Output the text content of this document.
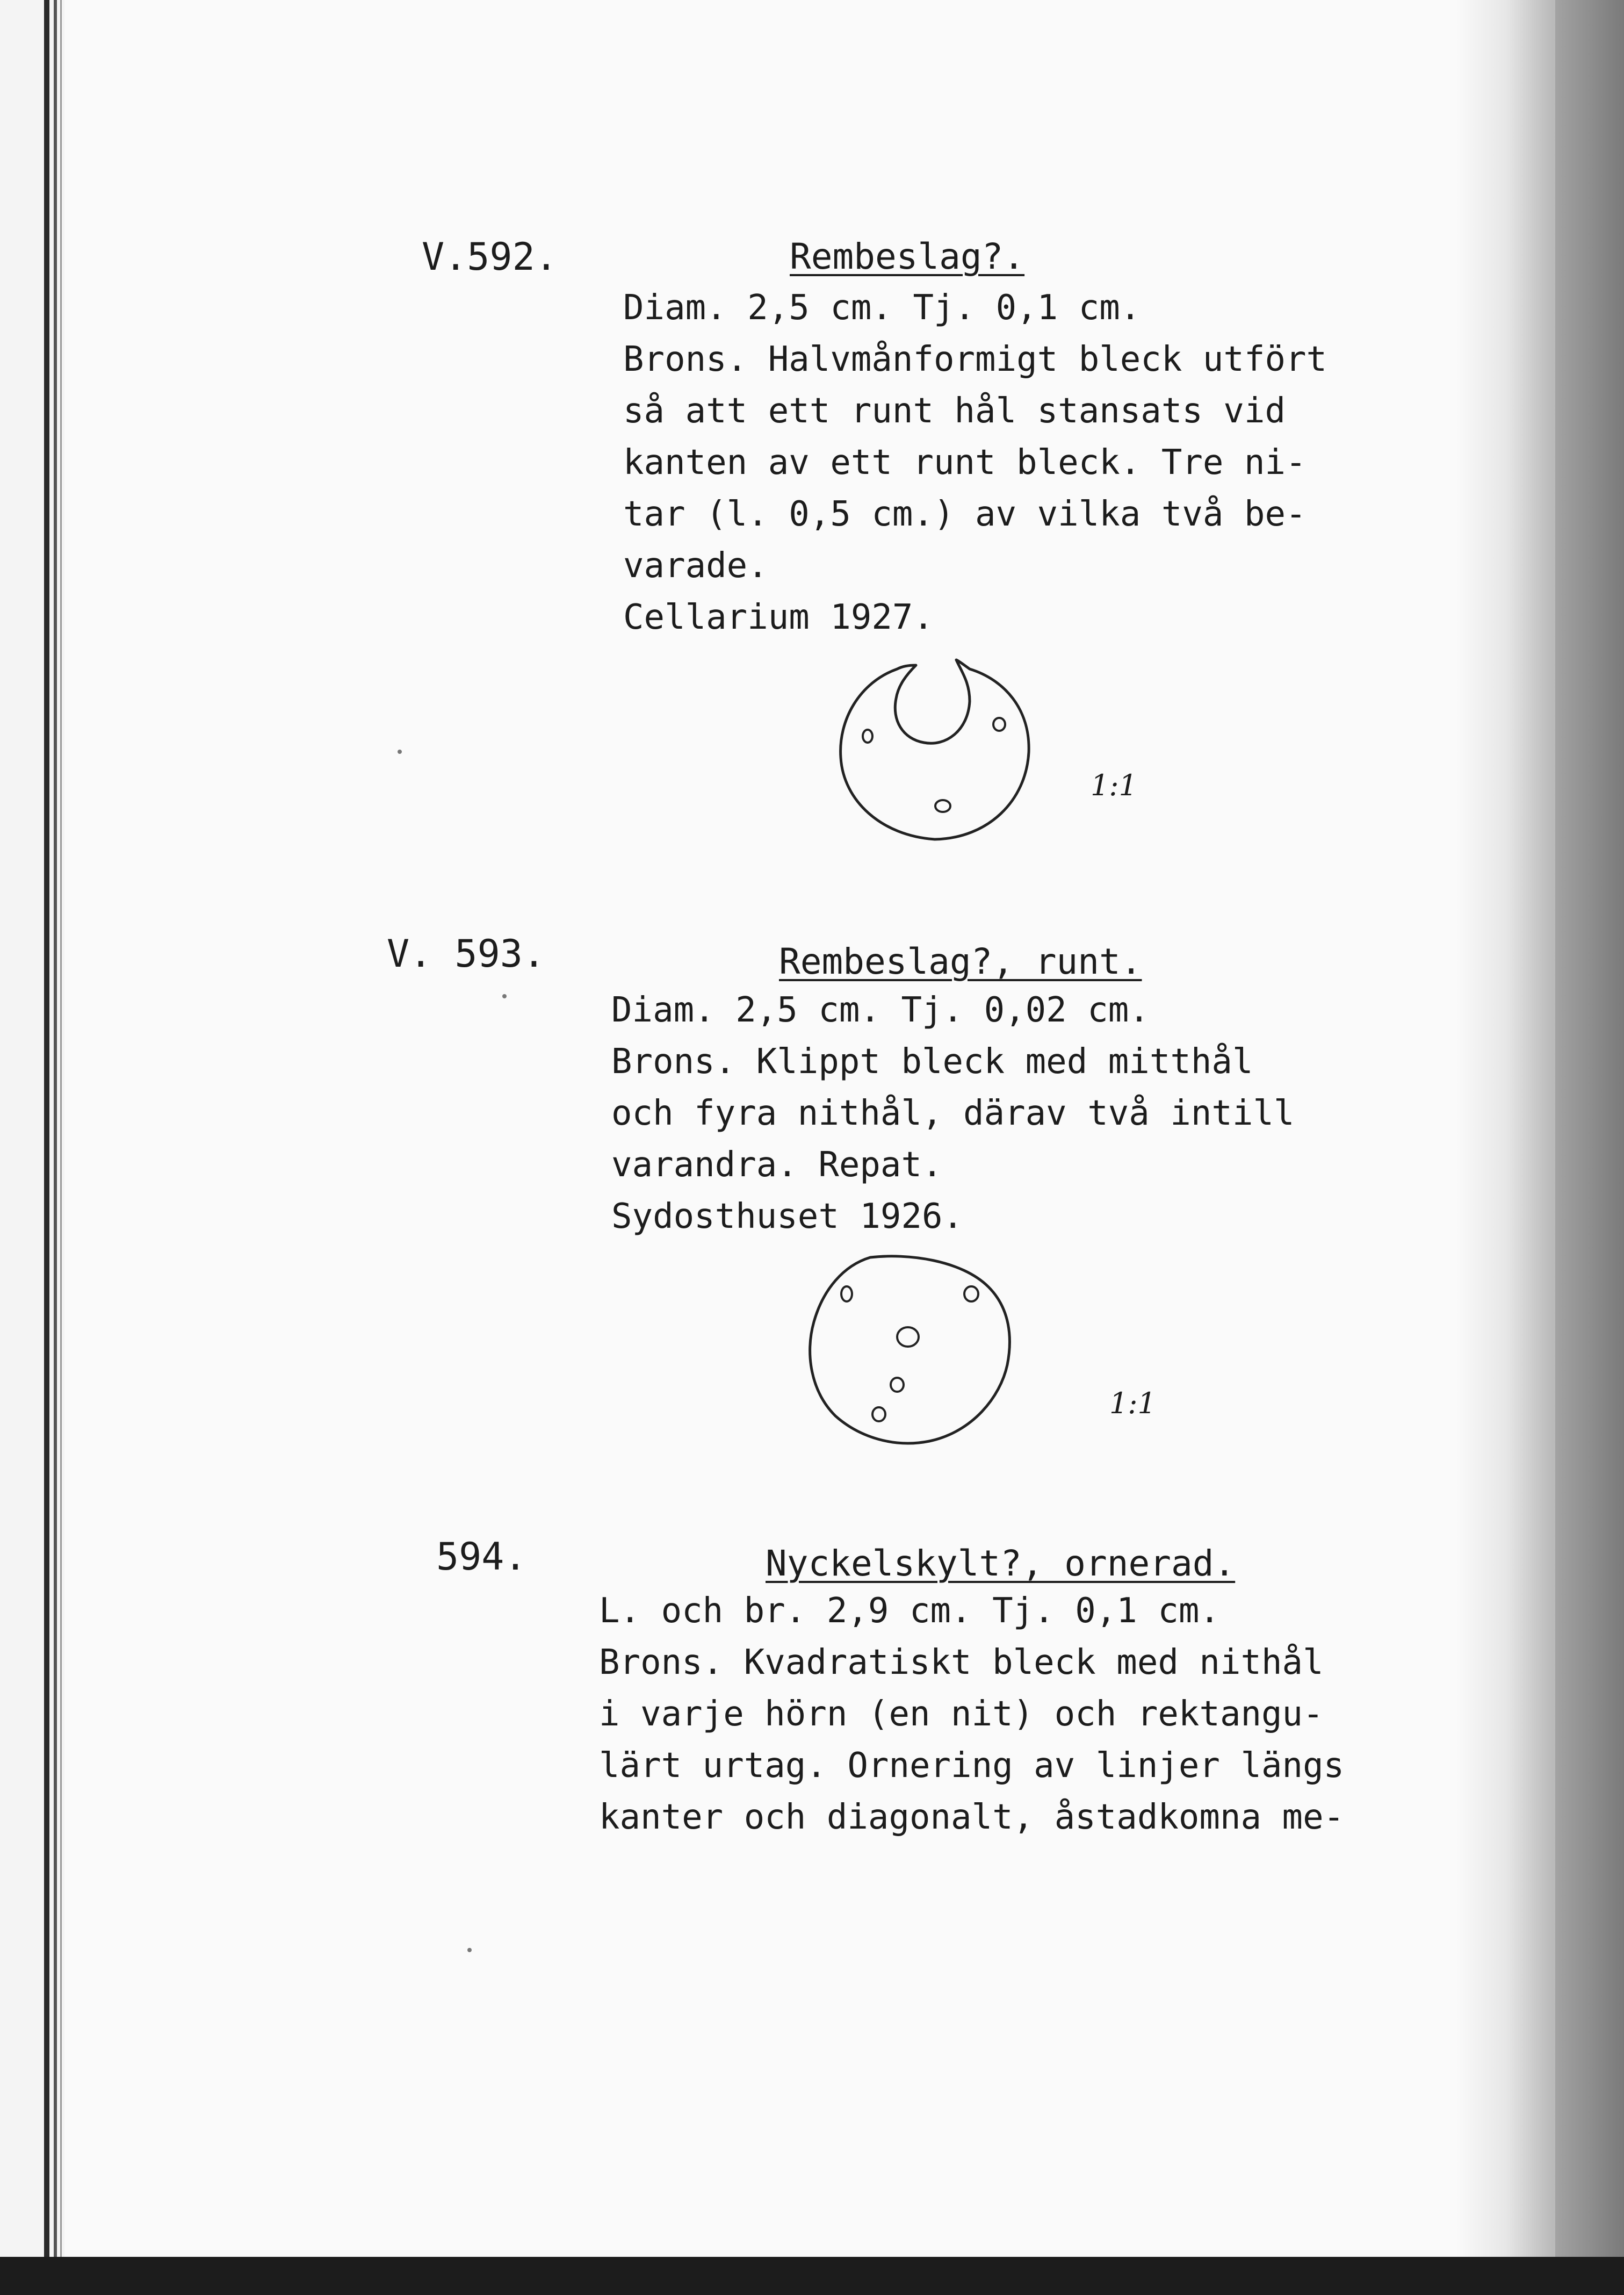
V.592.	Rembeslag?.
Diam. 2,5 cm. Tj. 0,1 cm.
Brons. Halvmånformigt bleck utfört
så att ett runt hål stansats vid
kanten av ett runt bleck. Tre ni-
tar (l. 0,5 cm.) av vilka två be-
varade.
Cellarium 1927.
1:1
V. 593.	Rembeslag?, runt.
Diam. 2,5 cm. Tj. 0,02 cm.
Brons. Klippt bleck med mitthål
och fyra nithål, därav två intill
varandra. Repat.
Sydosthuset 1926.
1:1
594.	Nyckelskylt?, ornerad.
L. och br. 2,9 cm. Tj. 0,1 cm.
Brons. Kvadratiskt bleck med nithål
i varje hörn (en nit) och rektangu-
lärt urtag. Ornering av linjer längs
kanter och diagonalt, åstadkomna me-
